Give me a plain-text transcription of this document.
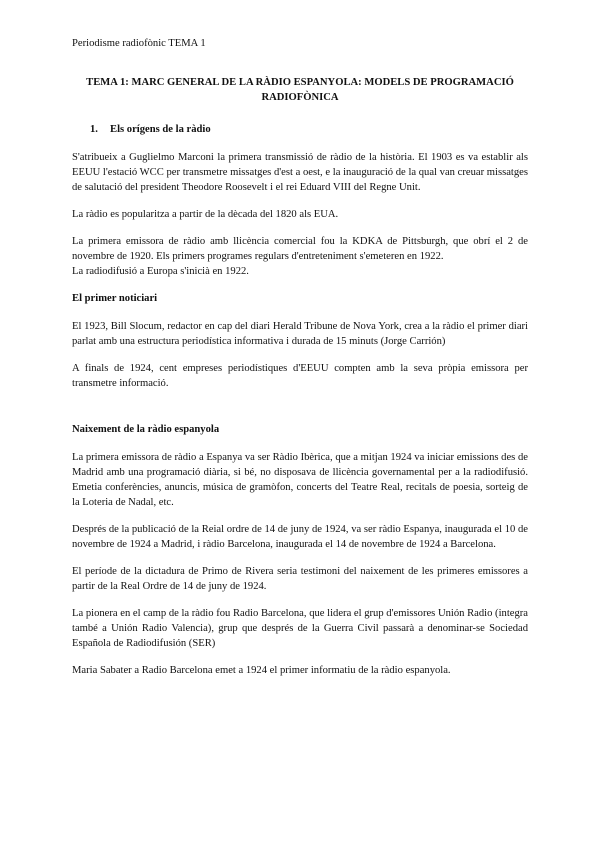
Periodisme radiofònic TEMA 1
TEMA 1: MARC GENERAL DE LA RÀDIO ESPANYOLA: MODELS DE PROGRAMACIÓ RADIOFÒNICA
1. Els orígens de la ràdio

S'atribueix a Guglielmo Marconi la primera transmissió de ràdio de la història. El 1903 es va establir als EEUU l'estació WCC per transmetre missatges d'est a oest, e la inauguració de la qual van creuar missatges de salutació del president Theodore Roosevelt i el rei Eduard VIII del Regne Unit.

La ràdio es popularitza a partir de la dècada del 1820 als EUA.

La primera emissora de ràdio amb llicència comercial fou la KDKA de Pittsburgh, que obrí el 2 de novembre de 1920. Els primers programes regulars d'entreteniment s'emeteren en 1922.

La radiodifusió a Europa s'inicià en 1922.

El primer noticiari

El 1923, Bill Slocum, redactor en cap del diari Herald Tribune de Nova York, crea a la ràdio el primer diari parlat amb una estructura periodística informativa i durada de 15 minuts (Jorge Carrión)

A finals de 1924, cent empreses periodístiques d'EEUU compten amb la seva pròpia emissora per transmetre informació.

Naixement de la ràdio espanyola

La primera emissora de ràdio a Espanya va ser Ràdio Ibèrica, que a mitjan 1924 va iniciar emissions des de Madrid amb una programació diària, si bé, no disposava de llicència governamental per a la radiodifusió. Emetia conferències, anuncis, música de gramòfon, concerts del Teatre Real, recitals de poesia, sorteig de la Loteria de Nadal, etc.

Després de la publicació de la Reial ordre de 14 de juny de 1924, va ser ràdio Espanya, inaugurada el 10 de novembre de 1924 a Madrid, i ràdio Barcelona, inaugurada el 14 de novembre de 1924 a Barcelona.

El període de la dictadura de Primo de Rivera seria testimoni del naixement de les primeres emissores a partir de la Real Ordre de 14 de juny de 1924.

La pionera en el camp de la ràdio fou Radio Barcelona, que lidera el grup d'emissores Unión Radio (integra també a Unión Radio Valencia), grup que després de la Guerra Civil passarà a denominar-se Sociedad Española de Radiodifusión (SER)

Maria Sabater a Radio Barcelona emet a 1924 el primer informatiu de la ràdio espanyola.
